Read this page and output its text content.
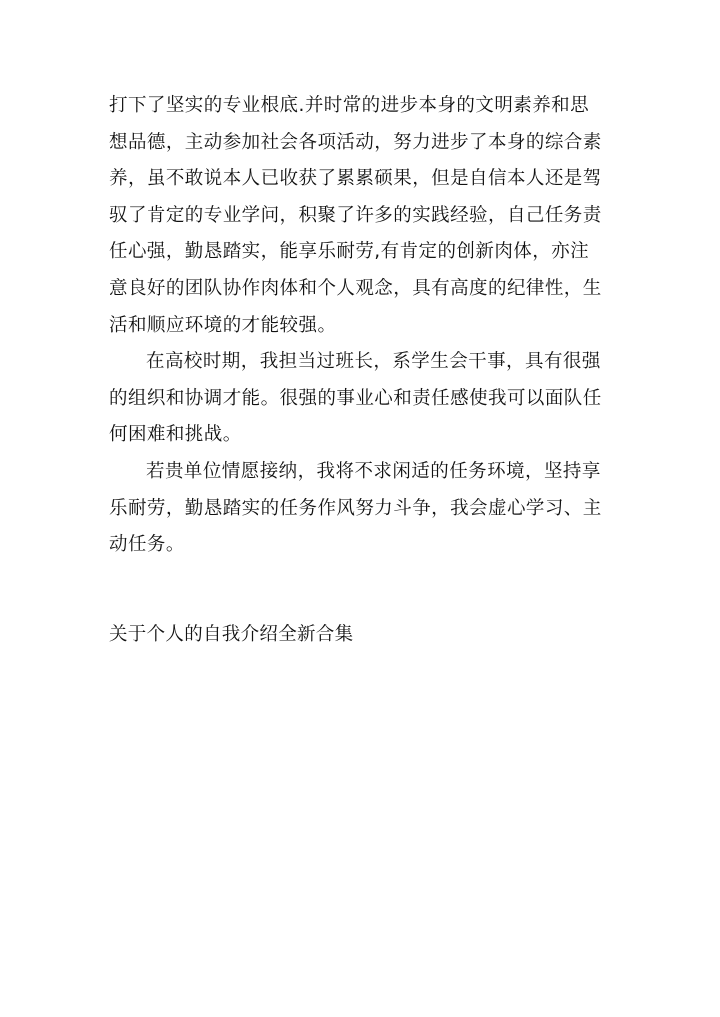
打下了坚实的专业根底.并时常的进步本身的文明素养和思
想品德，主动参加社会各项活动，努力进步了本身的综合素
养，虽不敢说本人已收获了累累硕果，但是自信本人还是驾
驭了肯定的专业学问，积聚了许多的实践经验，自己任务责
任心强，勤恳踏实，能享乐耐劳,有肯定的创新肉体，亦注
意良好的团队协作肉体和个人观念，具有高度的纪律性，生
活和顺应环境的才能较强。

在高校时期，我担当过班长，系学生会干事，具有很强
的组织和协调才能。很强的事业心和责任感使我可以面队任
何困难和挑战。

若贵单位情愿接纳，我将不求闲适的任务环境，坚持享
乐耐劳，勤恳踏实的任务作风努力斗争，我会虚心学习、主
动任务。

关于个人的自我介绍全新合集
